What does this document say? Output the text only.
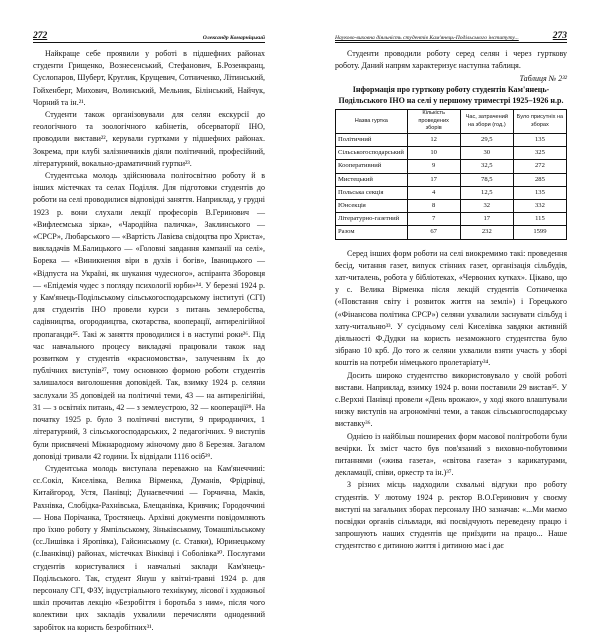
272	Олександр Комарніцький

Найкраще себе проявили у роботі в підшефних районах студенти Грищенко, Вознесенський, Стефанович, Б.Розенкранц, Суслопаров, Шуберт, Круглик, Крущевич, Сотниченко, Літинський, Гойхенберг, Михович, Волинський, Мельник, Білінський, Найчук, Чорний та ін.²¹.

Студенти також організовували для селян екскурсії до геологічного та зоологічного кабінетів, обсерваторії ІНО, проводили вистави²², керували гуртками у підшефних районах. Зокрема, при клубі залізничників діяли політичний, професійний, літературний, вокально-драматичний гуртки²³.

Студентська молодь здійснювала політосвітню роботу й в інших містечках та селах Поділля. Для підготовки студентів до роботи на селі проводилися відповідні заняття. Наприклад, у грудні 1923 р. вони слухали лекції професорів В.Геринович — «Вифлеємська зірка», «Чародійна паличка», Заклинського — «СРСР», Любарського — «Вартість Лавієва свідоцтва про Христа», викладачів М.Балицького — «Головні завдання кампанії на селі», Борека — «Виникнення віри в духів і богів», Іваницького — «Відпуста на Україні, як шукання чудесного», аспіранта Зборовця — «Епідемія чудес з погляду психології юрби»²⁴. У березні 1924 р. у Кам'янець-Подільському сільськогосподарському інституті (СГІ) для студентів ІНО провели курси з питань землеробства, садівництва, огородництва, скотарства, кооперації, антирелігійної пропаганди²⁵. Такі ж заняття проводилися і в наступні роки²⁶. Під час навчального процесу викладачі працювали також над розвитком у студентів «красномовства», залученням їх до публічних виступів²⁷, тому основною формою роботи студентів залишалося виголошення доповідей. Так, взимку 1924 р. селяни заслухали 35 доповідей на політичні теми, 43 — на антирелігійні, 31 — з освітніх питань, 42 — з землеустрою, 32 — кооперації²⁸. На початку 1925 р. було 3 політичні виступи, 9 природничих, 1 літературний, 3 сільськогосподарських, 2 педагогічних. 9 виступів були присвячені Міжнародному жіночому дню 8 Березня. Загалом доповіді тривали 42 години. Їх відвідали 1116 осіб²⁹.

Студентська молодь виступала переважно на Кам'янеччині: сс.Сокіл, Киселівка, Велика Вірменка, Думанів, Фрідрівці, Китайгород, Устя, Панівці; Дунаєвеччині — Горчична, Маків, Рахнівка, Слобідка-Рахнівська, Блещанівка, Кривчик; Городоччині — Нова Порічанка, Тростянець. Архівні документи повідомляють про їхню роботу у Ямпільському, Зіньківському, Томашпільському (сс.Лишівка і Яропівка), Гайсинському (с. Ставки), Юринецькому (с.Іванківці) районах, містечках Вінківці і Соболівка³⁰. Послугами студентів користувалися і навчальні заклади Кам'янець-Подільського. Так, студент Януш у квітні-травні 1924 р. для персоналу СГІ, ФЗУ, індустріального технікуму, лісової і художньої шкіл прочитав лекцію «Безробіття і боротьба з ним», після чого колективи цих закладів ухвалили перечисляти одноденний заробіток на користь безробітних³¹.

Науково-виховна діяльність студентів Кам'янець-Подільського інституту...	273

Студенти проводили роботу серед селян і через гурткову роботу. Даний напрям характеризує наступна таблиця.

Таблиця № 2³²
Інформація про гурткову роботу студентів Кам'янець-Подільського ІНО на селі у першому триместрі 1925–1926 н.р.
Назва гуртка	Кількість проведених зборів	Час, затрачений на збори (год.)	Було присутніх на зборах
Політичний	12	29,5	135
Сільськогосподарський	10	30	325
Кооперативний	9	32,5	272
Мистецький	17	78,5	285
Польська секція	4	12,5	135
Юнсекція	8	32	332
Літературно-газетний	7	17	115
Разом	67	232	1599

Серед інших форм роботи на селі виокремимо такі: проведення бесід, читання газет, випуск стінних газет, організація сільбудів, хат-читалень, робота у бібліотеках, «Червоних кутках». Цікаво, що у с. Велика Вірменка після лекцій студентів Сотниченка («Повстання світу і розвиток життя на землі») і Горецького («Фінансова політика СРСР») селяни ухвалили заснувати сільбуд і хату-читальню³³. У сусідньому селі Киселівка завдяки активній діяльності Ф.Дудки на користь незаможного студентства було зібрано 10 крб. До того ж селяни ухвалили взяти участь у зборі коштів на потреби німецького пролетаріату³⁴.

Досить широко студентство використовувало у своїй роботі вистави. Наприклад, взимку 1924 р. вони поставили 29 вистав³⁵. У с.Верхні Панівці провели «День врожаю», у ході якого влаштували низку виступів на агрономічні теми, а також сільськогосподарську виставку³⁶.

Однією із найбільш поширених форм масової політроботи були вечірки. Їх зміст часто був пов'язаний з виховно-побутовими питаннями («жива газета», «світова газета» з карикатурами, декламації, співи, оркестр та ін.)³⁷.

З різних місць надходили схвальні відгуки про роботу студентів. У лютому 1924 р. ректор В.О.Геринович у своєму виступі на загальних зборах персоналу ІНО зазначав: «...Ми маємо посвідки органів сільвлади, які посвідчують переведену працю і запрошують наших студентів ще приїздити на працю... Наше студентство є дитиною життя і дитиною має і дає
